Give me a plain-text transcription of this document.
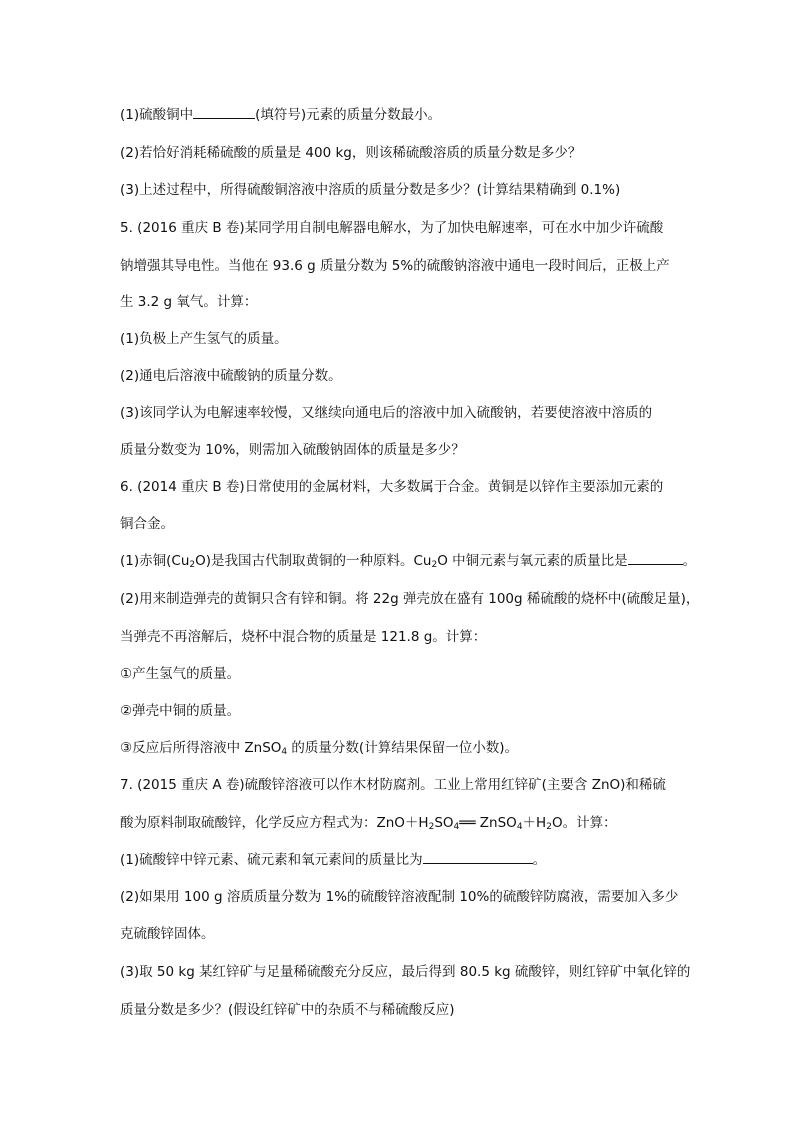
(1)硫酸铜中	(填符号)元素的质量分数最小。
(2)若恰好消耗稀硫酸的质量是 400 kg，则该稀硫酸溶质的质量分数是多少？
(3)上述过程中，所得硫酸铜溶液中溶质的质量分数是多少？(计算结果精确到 0.1%)
5. (2016 重庆 B 卷)某同学用自制电解器电解水，为了加快电解速率，可在水中加少许硫酸
钠增强其导电性。当他在 93.6 g 质量分数为 5%的硫酸钠溶液中通电一段时间后，正极上产
生 3.2 g 氧气。计算：
(1)负极上产生氢气的质量。
(2)通电后溶液中硫酸钠的质量分数。
(3)该同学认为电解速率较慢，又继续向通电后的溶液中加入硫酸钠，若要使溶液中溶质的
质量分数变为 10%，则需加入硫酸钠固体的质量是多少？
6. (2014 重庆 B 卷)日常使用的金属材料，大多数属于合金。黄铜是以锌作主要添加元素的
铜合金。
(1)赤铜$(Cu_2O)$是我国古代制取黄铜的一种原料。$Cu_2O$ 中铜元素与氧元素的质量比是	。
(2)用来制造弹壳的黄铜只含有锌和铜。将 22g 弹壳放在盛有 100g 稀硫酸的烧杯中(硫酸足量)，
当弹壳不再溶解后，烧杯中混合物的质量是 121.8 g。计算：
①产生氢气的质量。
②弹壳中铜的质量。
③反应后所得溶液中 ZnSO$_4$ 的质量分数(计算结果保留一位小数)。
7. (2015 重庆 A 卷)硫酸锌溶液可以作木材防腐剂。工业上常用红锌矿(主要含 ZnO)和稀硫
酸为原料制取硫酸锌，化学反应方程式为：$ZnO+H_2SO_4══$ $ZnSO_4+H_2O$。计算：
(1)硫酸锌中锌元素、硫元素和氧元素间的质量比为	。
(2)如果用 100 g 溶质质量分数为 1%的硫酸锌溶液配制 10%的硫酸锌防腐液，需要加入多少
克硫酸锌固体。
(3)取 50 kg 某红锌矿与足量稀硫酸充分反应，最后得到 80.5 kg 硫酸锌，则红锌矿中氧化锌的
质量分数是多少？(假设红锌矿中的杂质不与稀硫酸反应)
